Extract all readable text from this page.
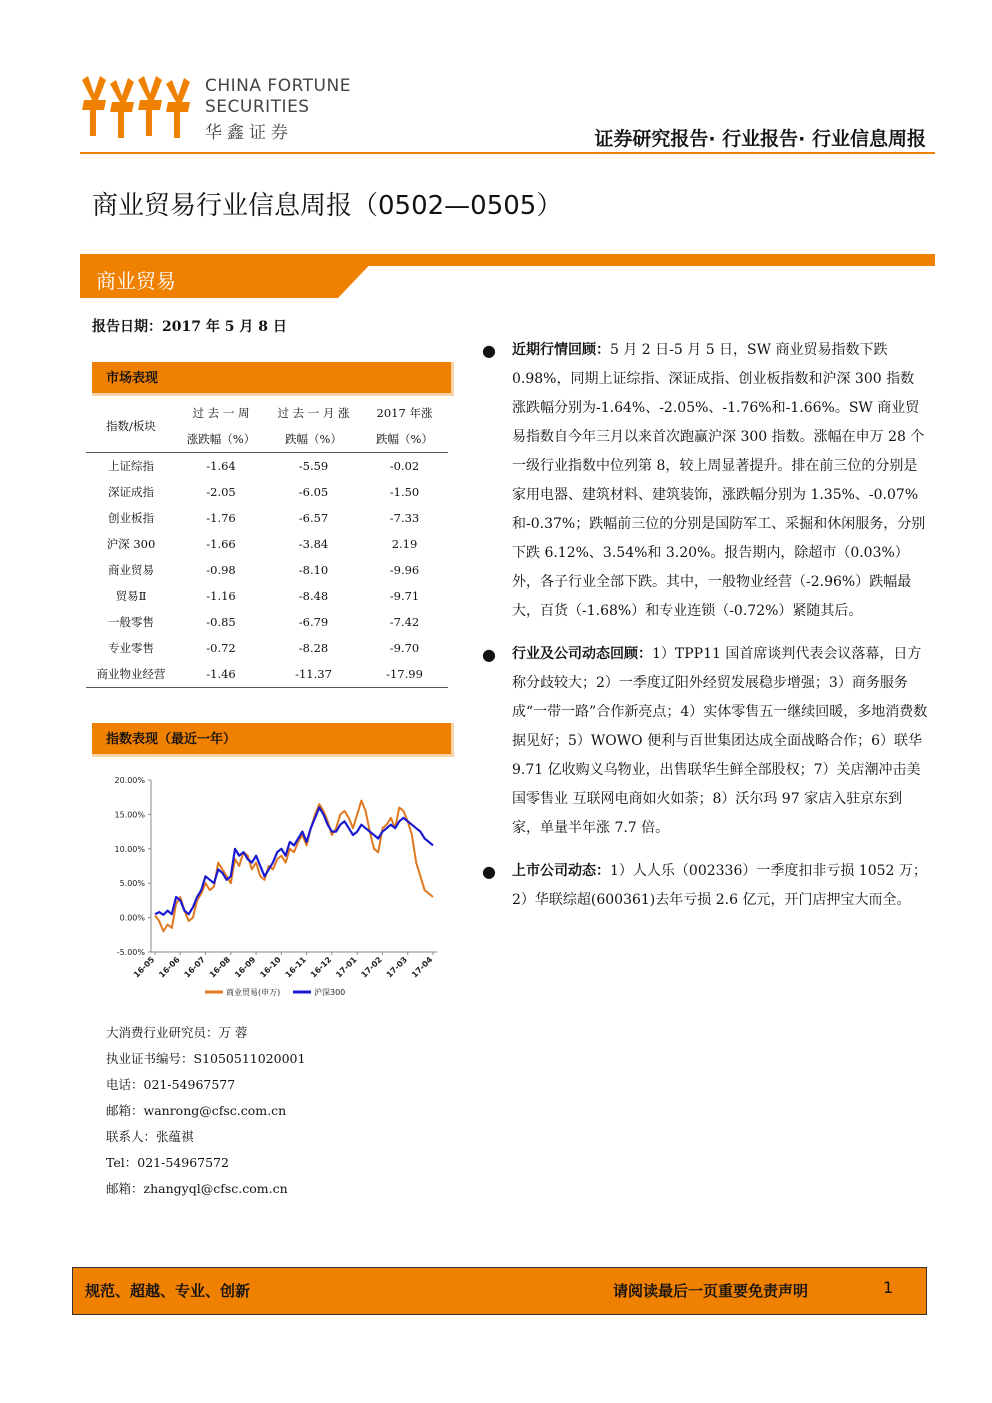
CHINA FORTUNE
SECURITIES
华鑫证券	证券研究报告· 行业报告· 行业信息周报
商业贸易行业信息周报（0502—0505）
商业贸易
报告日期：2017 年 5 月 8 日
市场表现
指数/板块	过 去 一 周	过 去 一 月 涨	2017 年涨
	涨跌幅（%）	跌幅（%）	跌幅（%）
上证综指	-1.64	-5.59	-0.02
深证成指	-2.05	-6.05	-1.50
创业板指	-1.76	-6.57	-7.33
沪深 300	-1.66	-3.84	2.19
商业贸易	-0.98	-8.10	-9.96
贸易Ⅱ	-1.16	-8.48	-9.71
一般零售	-0.85	-6.79	-7.42
专业零售	-0.72	-8.28	-9.70
商业物业经营	-1.46	-11.37	-17.99
指数表现（最近一年）
20.00%
15.00%
10.00%
5.00%
0.00%
-5.00%
16-05 16-06 16-07 16-08 16-09 16-10 16-11 16-12 17-01 17-02 17-03 17-04
商业贸易(申万)	沪深300
大消费行业研究员：万 蓉
执业证书编号：S1050511020001
电话：021-54967577
邮箱：wanrong@cfsc.com.cn
联系人：张蕴祺
Tel：021-54967572
邮箱：zhangyql@cfsc.com.cn
● 近期行情回顾：5 月 2 日-5 月 5 日，SW 商业贸易指数下跌 0.98%，同期上证综指、深证成指、创业板指数和沪深 300 指数涨跌幅分别为-1.64%、-2.05%、-1.76%和-1.66%。SW 商业贸易指数自今年三月以来首次跑赢沪深 300 指数。涨幅在申万 28 个一级行业指数中位列第 8，较上周显著提升。排在前三位的分别是家用电器、建筑材料、建筑装饰，涨跌幅分别为 1.35%、-0.07%和-0.37%；跌幅前三位的分别是国防军工、采掘和休闲服务，分别下跌 6.12%、3.54%和 3.20%。报告期内，除超市（0.03%）外，各子行业全部下跌。其中，一般物业经营（-2.96%）跌幅最大，百货（-1.68%）和专业连锁（-0.72%）紧随其后。
● 行业及公司动态回顾：1）TPP11 国首席谈判代表会议落幕，日方称分歧较大；2）一季度辽阳外经贸发展稳步增强；3）商务服务成“一带一路”合作新亮点；4）实体零售五一继续回暖，多地消费数据见好；5）WOWO 便利与百世集团达成全面战略合作；6）联华 9.71 亿收购义乌物业，出售联华生鲜全部股权；7）关店潮冲击美国零售业 互联网电商如火如荼；8）沃尔玛 97 家店入驻京东到家，单量半年涨 7.7 倍。
● 上市公司动态：1）人人乐（002336）一季度扣非亏损 1052 万；2）华联综超(600361)去年亏损 2.6 亿元，开门店押宝大而全。
规范、超越、专业、创新	请阅读最后一页重要免责声明	1
